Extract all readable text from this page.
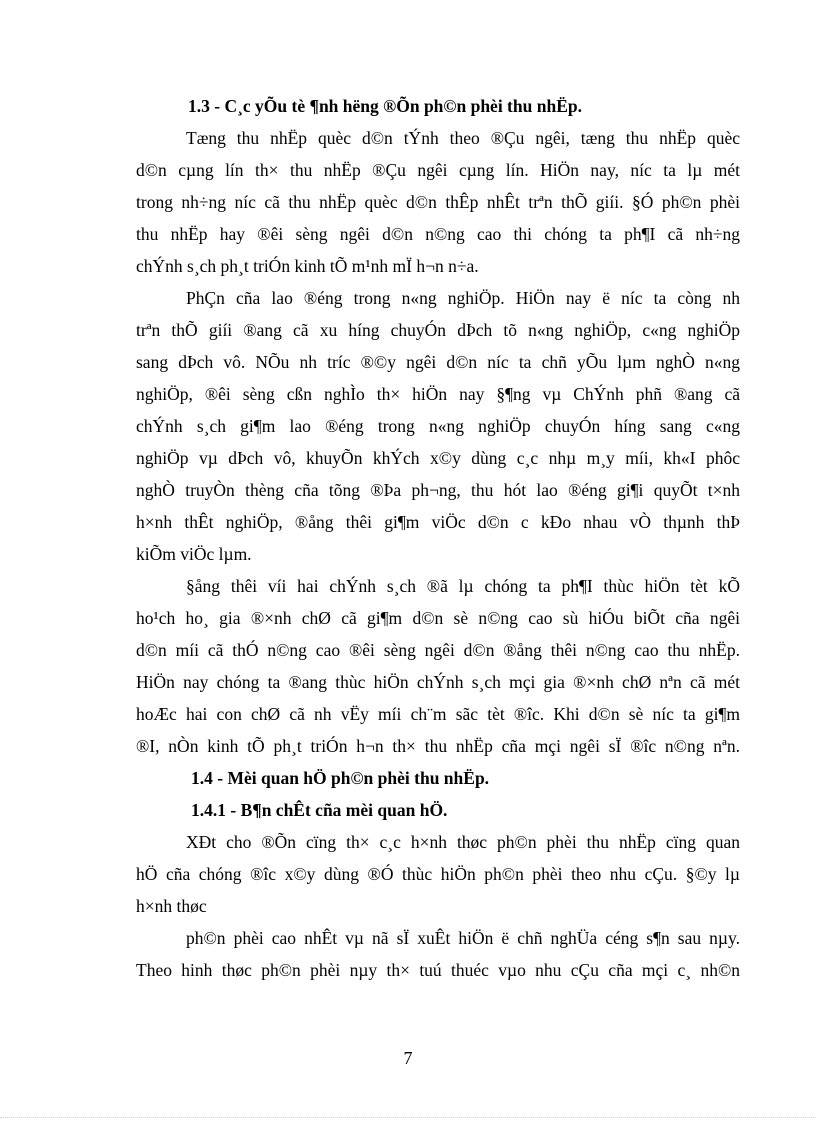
1.3 - C¸c yÕu tè ¶nh hëng ®Õn ph©n phèi thu nhËp.
Tæng thu nhËp quèc d©n tÝnh theo ®Çu ngêi, tæng thu nhËp quèc
d©n cµng lín th× thu nhËp ®Çu ngêi cµng lín. HiÖn nay, níc ta lµ mét
trong nh÷ng níc cã thu nhËp quèc d©n thÊp nhÊt trªn thÕ giíi. §Ó ph©n phèi
thu nhËp hay ®êi sèng ngêi d©n n©ng cao thi chóng ta ph¶I cã nh÷ng
chÝnh s¸ch ph¸t triÓn kinh tÕ m¹nh mÏ h¬n n÷a.
PhÇn cña lao ®éng trong n«ng nghiÖp. HiÖn nay ë níc ta còng nh
trªn thÕ giíi ®ang cã xu híng chuyÓn dÞch tõ n«ng nghiÖp, c«ng nghiÖp
sang dÞch vô. NÕu nh tríc ®©y ngêi d©n níc ta chñ yÕu lµm nghÒ n«ng
nghiÖp, ®êi sèng cßn nghÌo th× hiÖn nay §¶ng vµ ChÝnh phñ ®ang cã
chÝnh s¸ch gi¶m lao ®éng trong n«ng nghiÖp chuyÓn híng sang c«ng
nghiÖp vµ dÞch vô, khuyÕn khÝch x©y dùng c¸c nhµ m¸y míi, kh«I phôc
nghÒ truyÒn thèng cña tõng ®Þa ph¬ng, thu hót lao ®éng gi¶i quyÕt t×nh
h×nh thÊt nghiÖp, ®ång thêi gi¶m viÖc d©n c kÐo nhau vÒ thµnh thÞ
kiÕm viÖc lµm.
§ång thêi víi hai chÝnh s¸ch ®ã lµ chóng ta ph¶I thùc hiÖn tèt kÕ
ho¹ch ho¸ gia ®×nh chØ cã gi¶m d©n sè n©ng cao sù hiÓu biÕt cña ngêi
d©n míi cã thÓ n©ng cao ®êi sèng ngêi d©n ®ång thêi n©ng cao thu nhËp.
HiÖn nay chóng ta ®ang thùc hiÖn chÝnh s¸ch mçi gia ®×nh chØ nªn cã mét
hoÆc hai con chØ cã nh vËy míi ch¨m sãc tèt ®îc. Khi d©n sè níc ta gi¶m
®I, nÒn kinh tÕ ph¸t triÓn h¬n th× thu nhËp cña mçi ngêi sÏ ®îc n©ng nªn.
1.4 - Mèi quan hÖ ph©n phèi thu nhËp.
1.4.1 - B¶n chÊt cña mèi quan hÖ.
XÐt cho ®Õn cïng th× c¸c h×nh thøc ph©n phèi thu nhËp cïng quan
hÖ cña chóng ®îc x©y dùng ®Ó thùc hiÖn ph©n phèi theo nhu cÇu. §©y lµ
h×nh thøc
ph©n phèi cao nhÊt vµ nã sÏ xuÊt hiÖn ë chñ nghÜa céng s¶n sau nµy.
Theo hinh thøc ph©n phèi nµy th× tuú thuéc vµo nhu cÇu cña mçi c¸ nh©n
7
